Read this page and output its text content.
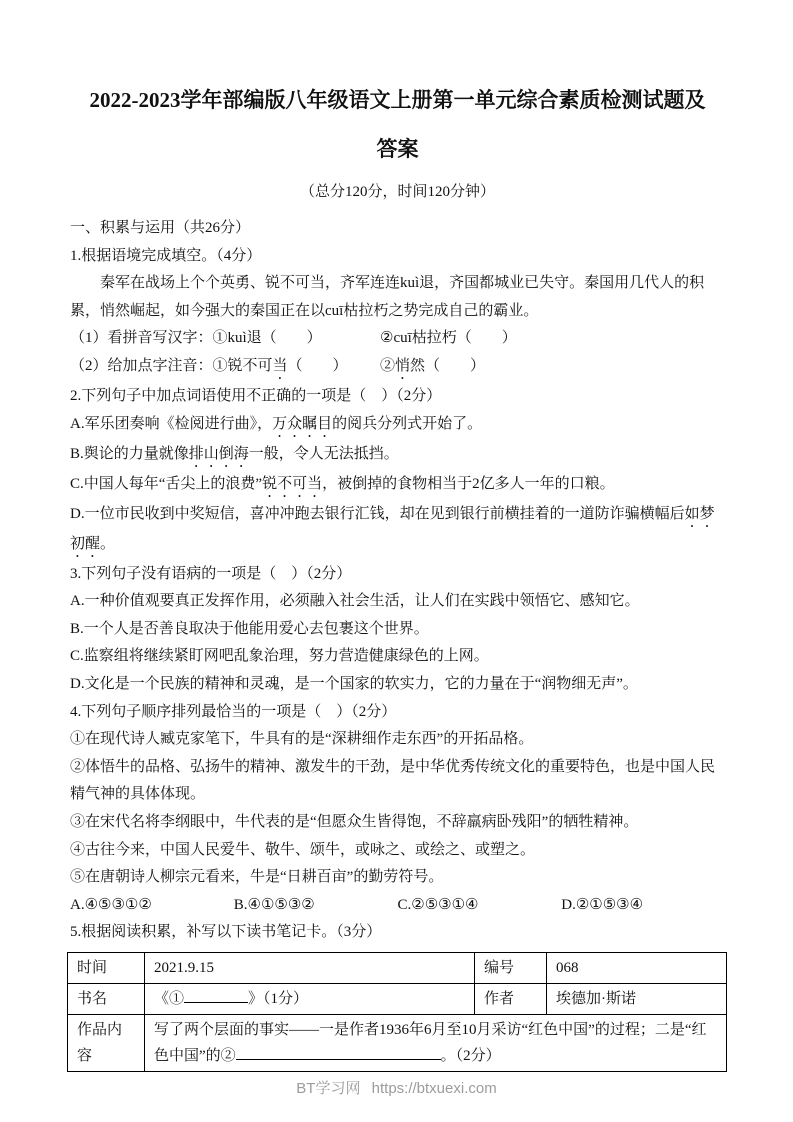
2022-2023学年部编版八年级语文上册第一单元综合素质检测试题及
答案

（总分120分，时间120分钟）

一、积累与运用（共26分）

1.根据语境完成填空。（4分）

秦军在战场上个个英勇、锐不可当，齐军连连kuì退，齐国都城业已失守。秦国用几代人的积累，悄然崛起，如今强大的秦国正在以cuī枯拉朽之势完成自己的霸业。

（1）看拼音写汉字：①kuì退（　　）	②cuī枯拉朽（　　）

（2）给加点字注音：①锐不可当（　　） ②悄然（　　）

2.下列句子中加点词语使用不正确的一项是（　）（2分）

A.军乐团奏响《检阅进行曲》，万众瞩目的阅兵分列式开始了。

B.舆论的力量就像排山倒海一般，令人无法抵挡。

C.中国人每年“舌尖上的浪费”锐不可当，被倒掉的食物相当于2亿多人一年的口粮。

D.一位市民收到中奖短信，喜冲冲跑去银行汇钱，却在见到银行前横挂着的一道防诈骗横幅后如梦初醒。

3.下列句子没有语病的一项是（　）（2分）

A.一种价值观要真正发挥作用，必须融入社会生活，让人们在实践中领悟它、感知它。

B.一个人是否善良取决于他能用爱心去包裹这个世界。

C.监察组将继续紧盯网吧乱象治理，努力营造健康绿色的上网。

D.文化是一个民族的精神和灵魂，是一个国家的软实力，它的力量在于“润物细无声”。

4.下列句子顺序排列最恰当的一项是（　）（2分）

①在现代诗人臧克家笔下，牛具有的是“深耕细作走东西”的开拓品格。

②体悟牛的品格、弘扬牛的精神、激发牛的干劲，是中华优秀传统文化的重要特色，也是中国人民精气神的具体体现。

③在宋代名将李纲眼中，牛代表的是“但愿众生皆得饱，不辞羸病卧残阳”的牺牲精神。

④古往今来，中国人民爱牛、敬牛、颂牛，或咏之、或绘之、或塑之。

⑤在唐朝诗人柳宗元看来，牛是“日耕百亩”的勤劳符号。

A.④⑤③①②	B.④①⑤③②	C.②⑤③①④	D.②①⑤③④

5.根据阅读积累，补写以下读书笔记卡。（3分）

时间	2021.9.15	编号	068
书名	《① 》（1分）	作者	埃德加·斯诺
作品内容	写了两个层面的事实——一是作者1936年6月至10月采访“红色中国”的过程；二是“红色中国”的② 。（2分）		
BT学习网 https://btxuexi.com
